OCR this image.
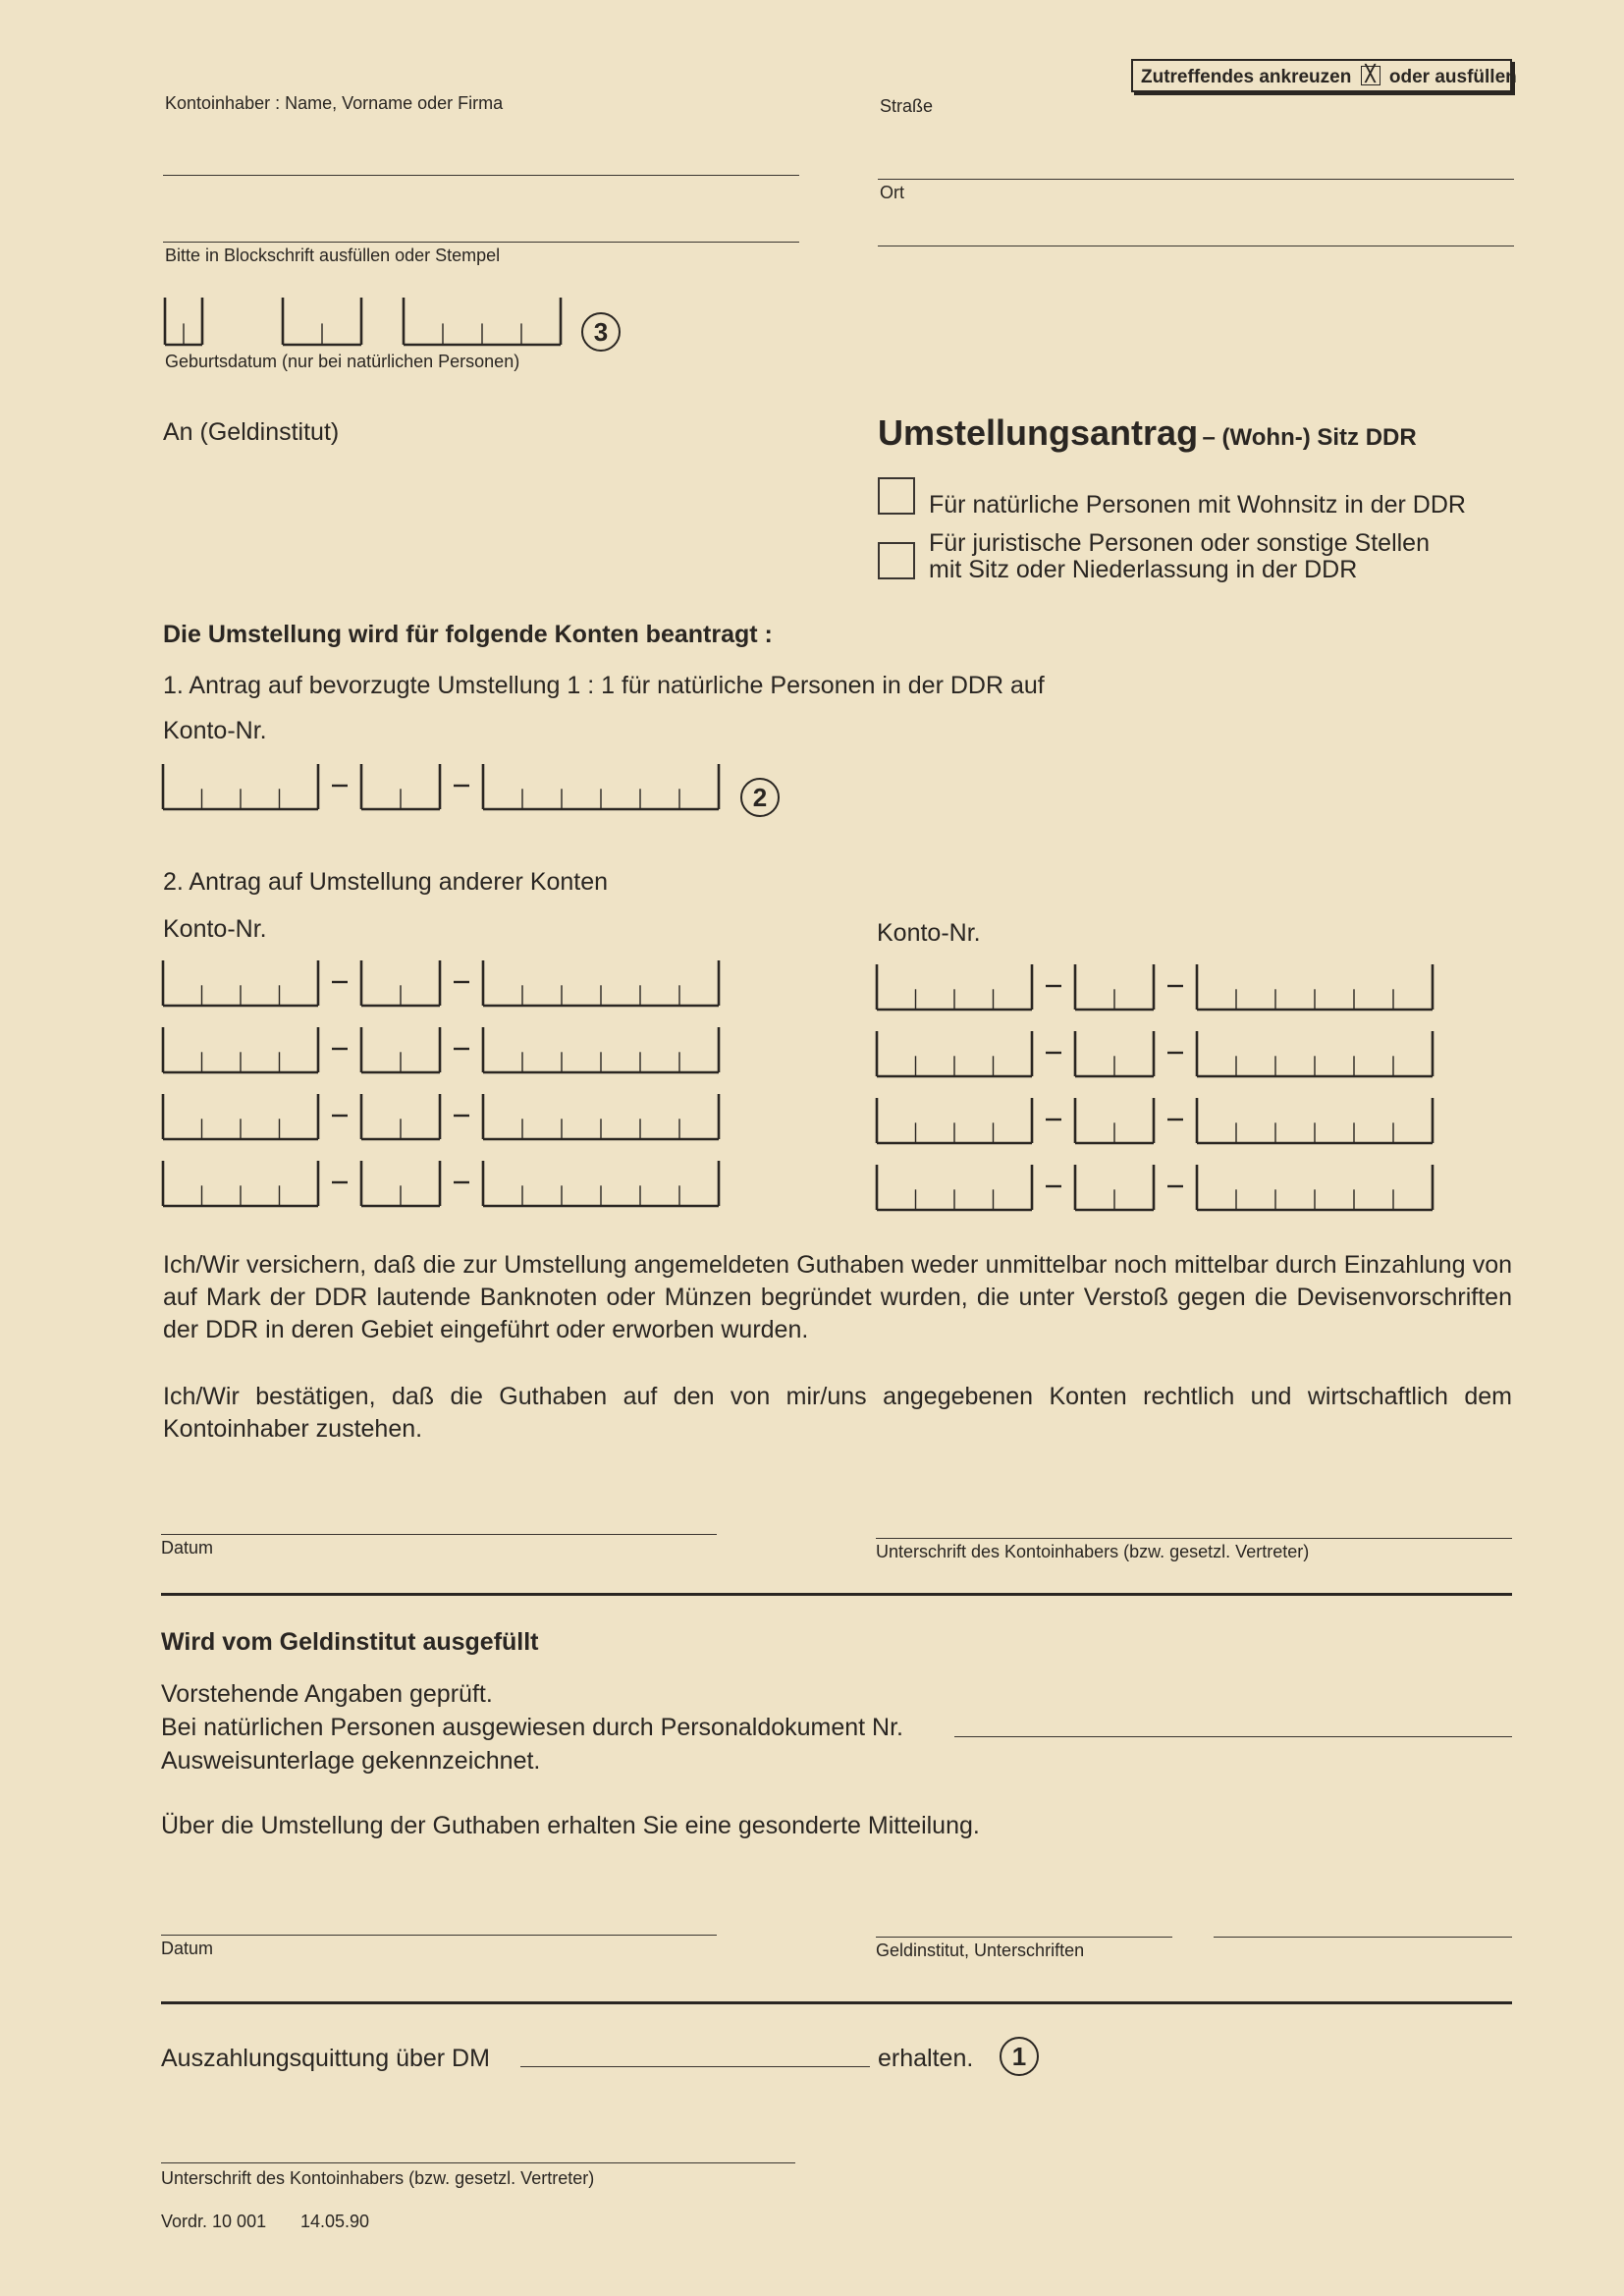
Zutreffendes ankreuzen ╳ oder ausfüllen
Kontoinhaber : Name, Vorname oder Firma
Bitte in Blockschrift ausfüllen oder Stempel
Straße
Ort
Geburtsdatum (nur bei natürlichen Personen)
3
An (Geldinstitut)	Umstellungsantrag – (Wohn-) Sitz DDR
Für natürliche Personen mit Wohnsitz in der DDR
Für juristische Personen oder sonstige Stellen
mit Sitz oder Niederlassung in der DDR
Die Umstellung wird für folgende Konten beantragt :
1. Antrag auf bevorzugte Umstellung 1 : 1 für natürliche Personen in der DDR auf
Konto-Nr.
2
2. Antrag auf Umstellung anderer Konten
Konto-Nr.	Konto-Nr.
Ich/Wir versichern, daß die zur Umstellung angemeldeten Guthaben weder unmittelbar noch mittelbar durch Einzahlung von auf Mark der DDR lautende Banknoten oder Münzen begründet wurden, die unter Verstoß gegen die Devisenvorschriften der DDR in deren Gebiet eingeführt oder erworben wurden.
Ich/Wir bestätigen, daß die Guthaben auf den von mir/uns angegebenen Konten rechtlich und wirtschaftlich dem Kontoinhaber zustehen.
Datum	Unterschrift des Kontoinhabers (bzw. gesetzl. Vertreter)
Wird vom Geldinstitut ausgefüllt
Vorstehende Angaben geprüft.
Bei natürlichen Personen ausgewiesen durch Personaldokument Nr.
Ausweisunterlage gekennzeichnet.
Über die Umstellung der Guthaben erhalten Sie eine gesonderte Mitteilung.
Datum	Geldinstitut, Unterschriften
Auszahlungsquittung über DM	erhalten.	1
Unterschrift des Kontoinhabers (bzw. gesetzl. Vertreter)
Vordr. 10 001 14.05.90
